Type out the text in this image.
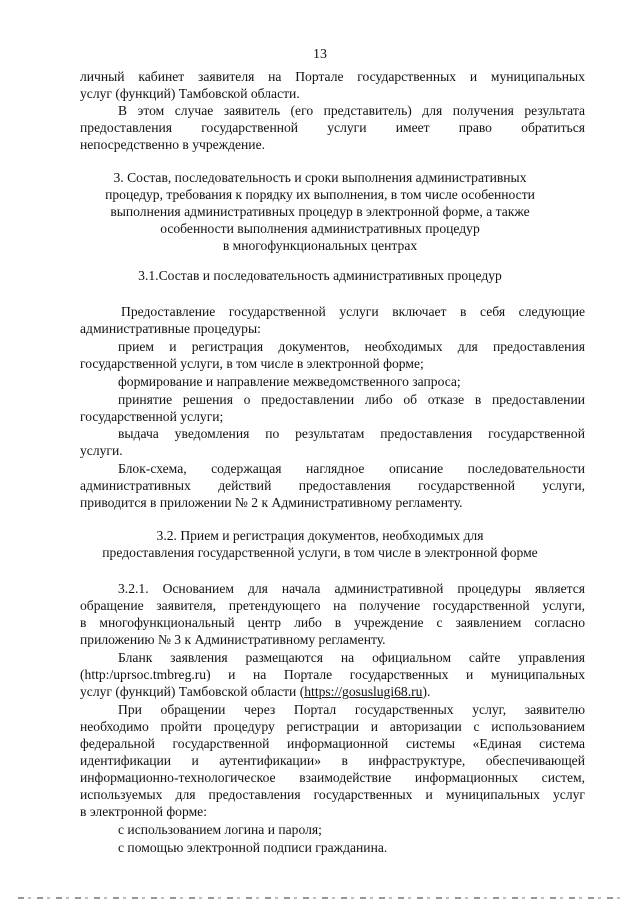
13
личный кабинет заявителя на Портале государственных и муниципальных
услуг (функций) Тамбовской области.
В этом случае заявитель (его представитель) для получения результата
предоставления государственной услуги имеет право обратиться
непосредственно в учреждение.
3. Состав, последовательность и сроки выполнения административных
процедур, требования к порядку их выполнения, в том числе особенности
выполнения административных процедур в электронной форме, а также
особенности выполнения административных процедур
в многофункциональных центрах
3.1.Состав и последовательность административных процедур
Предоставление государственной услуги включает в себя следующие
административные процедуры:
прием и регистрация документов, необходимых для предоставления
государственной услуги, в том числе в электронной форме;
формирование и направление межведомственного запроса;
принятие решения о предоставлении либо об отказе в предоставлении
государственной услуги;
выдача уведомления по результатам предоставления государственной
услуги.
Блок-схема, содержащая наглядное описание последовательности
административных действий предоставления государственной услуги,
приводится в приложении № 2 к Административному регламенту.
3.2. Прием и регистрация документов, необходимых для
предоставления государственной услуги, в том числе в электронной форме
3.2.1. Основанием для начала административной процедуры является
обращение заявителя, претендующего на получение государственной услуги,
в многофункциональный центр либо в учреждение с заявлением согласно
приложению № 3 к Административному регламенту.
Бланк заявления размещаются на официальном сайте управления
(http:/uprsoc.tmbreg.ru) и на Портале государственных и муниципальных
услуг (функций) Тамбовской области (https://gosuslugi68.ru).
При обращении через Портал государственных услуг, заявителю
необходимо пройти процедуру регистрации и авторизации с использованием
федеральной государственной информационной системы «Единая система
идентификации и аутентификации» в инфраструктуре, обеспечивающей
информационно-технологическое взаимодействие информационных систем,
используемых для предоставления государственных и муниципальных услуг
в электронной форме:
с использованием логина и пароля;
с помощью электронной подписи гражданина.
